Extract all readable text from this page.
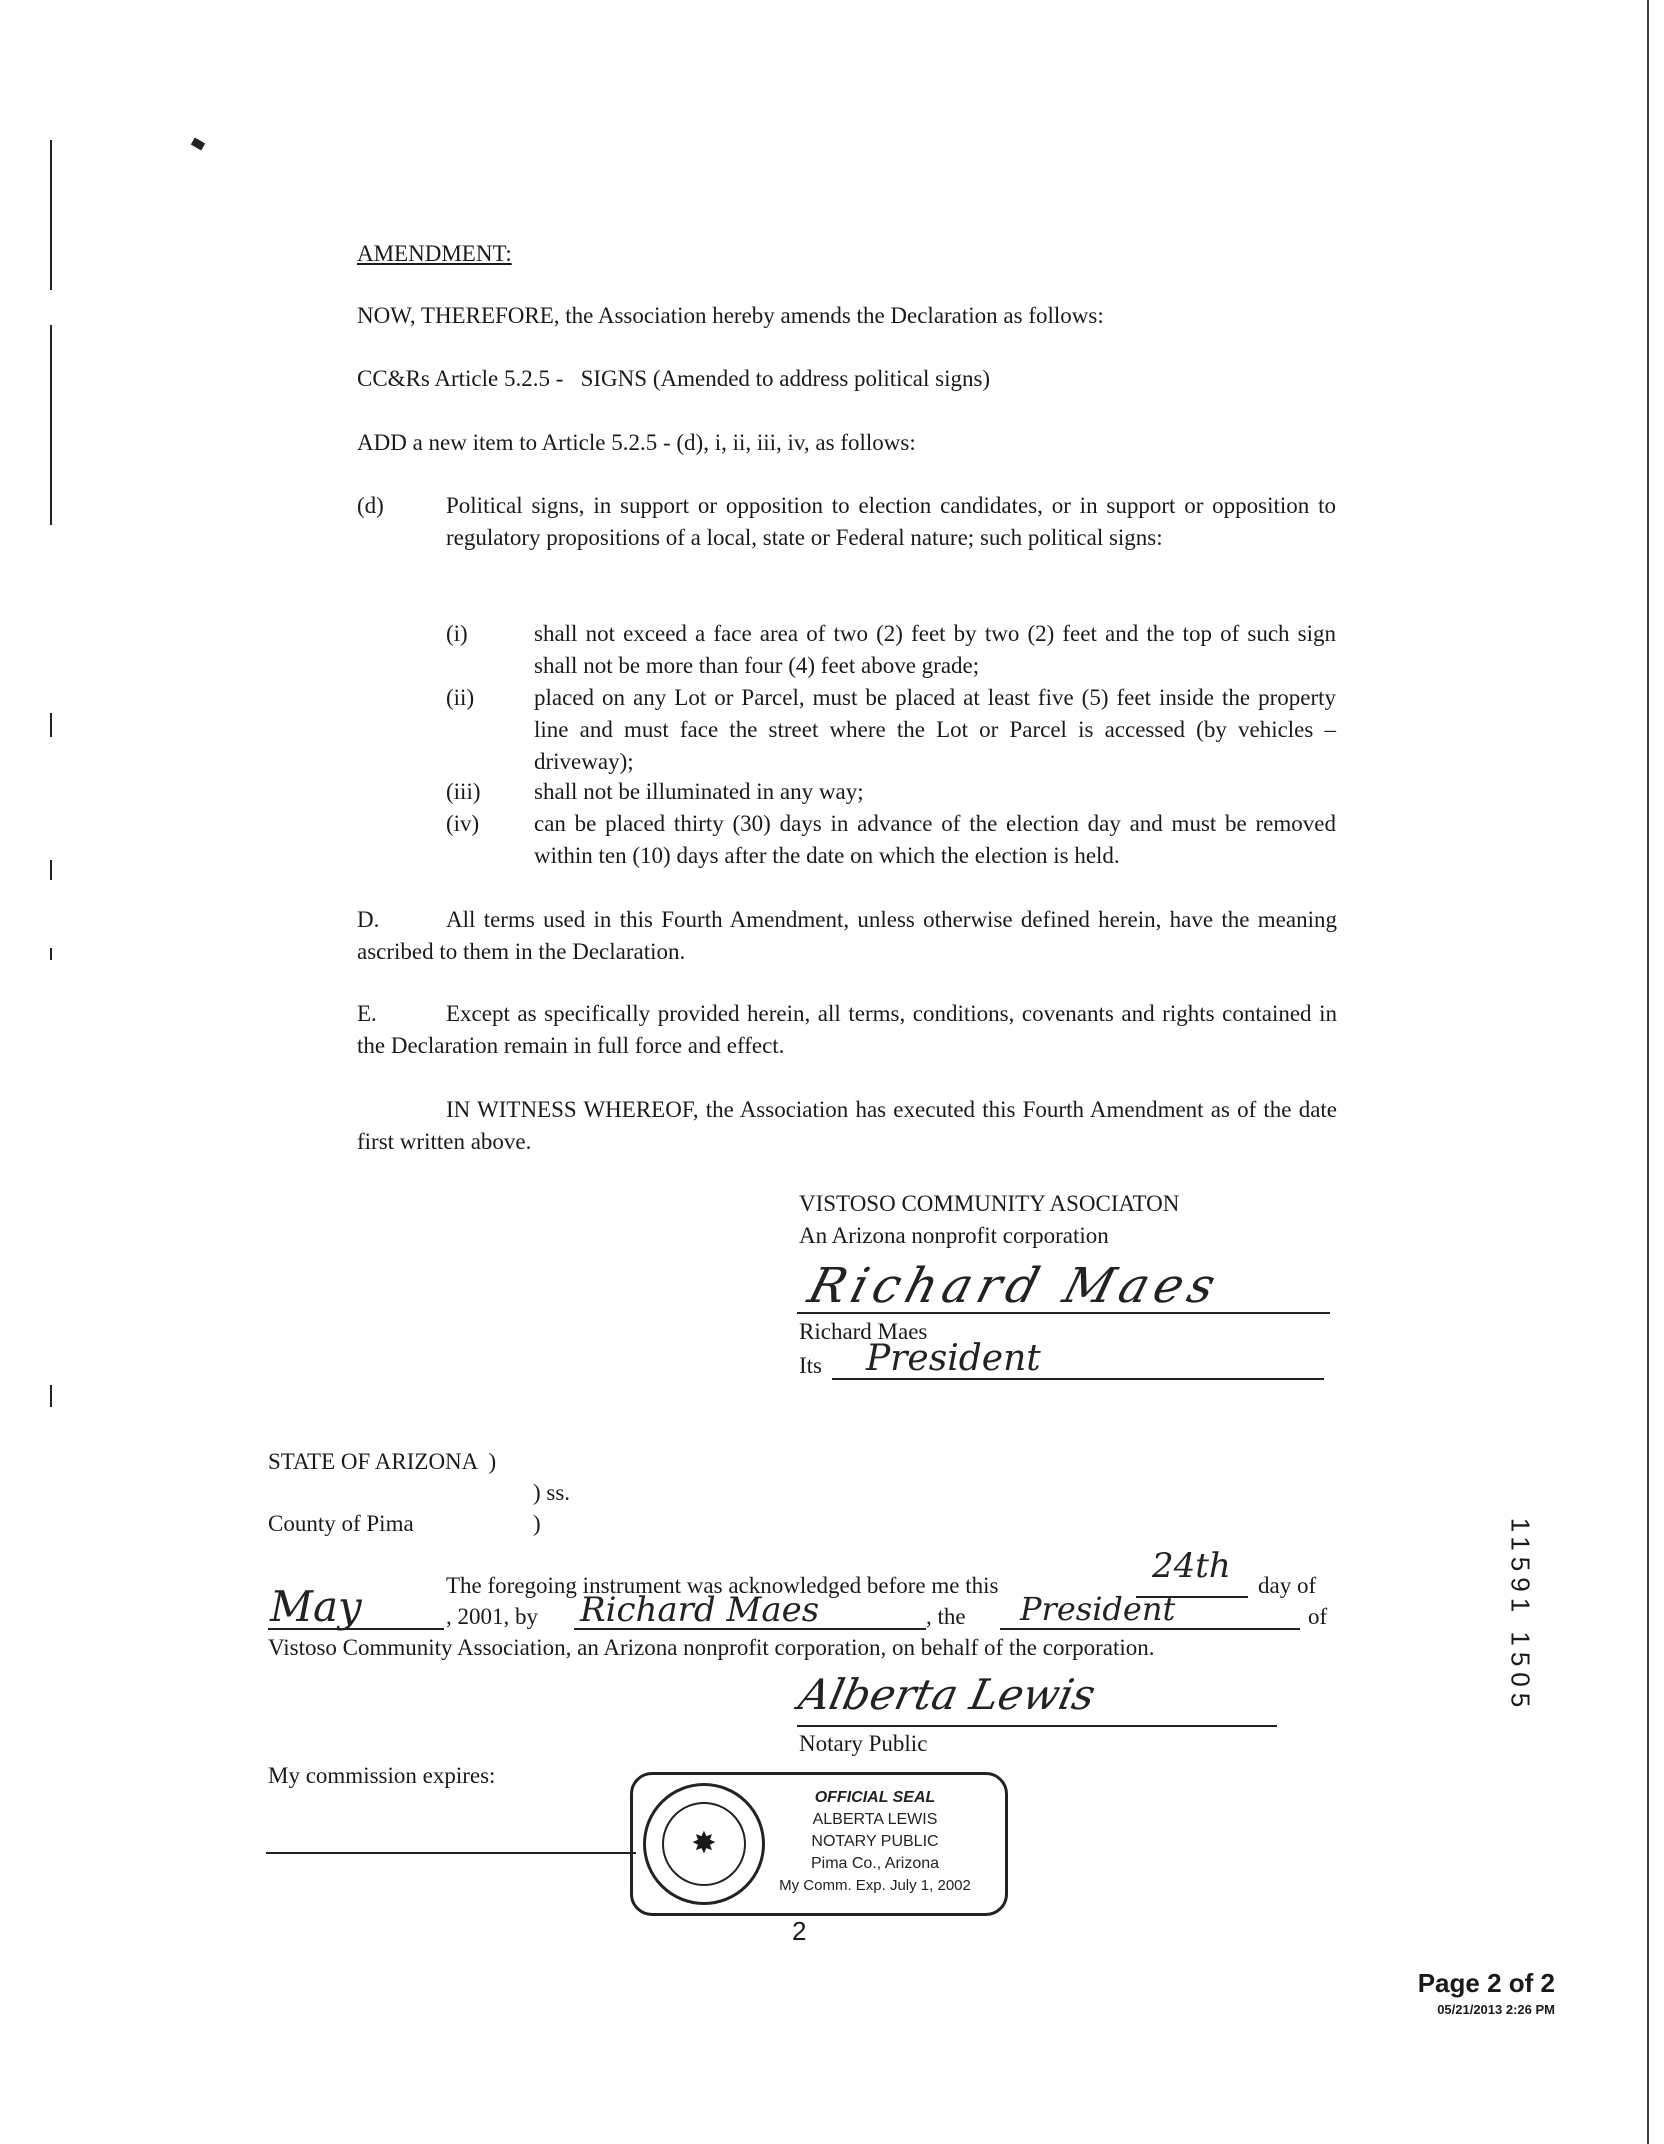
AMENDMENT:
NOW, THEREFORE, the Association hereby amends the Declaration as follows:
CC&Rs Article 5.2.5 -   SIGNS (Amended to address political signs)
ADD a new item to Article 5.2.5 - (d), i, ii, iii, iv, as follows:
(d)	Political signs, in support or opposition to election candidates, or in support or opposition to regulatory propositions of a local, state or Federal nature; such political signs:
(i)	shall not exceed a face area of two (2) feet by two (2) feet and the top of such sign shall not be more than four (4) feet above grade;
(ii)	placed on any Lot or Parcel, must be placed at least five (5) feet inside the property line and must face the street where the Lot or Parcel is accessed (by vehicles – driveway);
(iii) shall not be illuminated in any way;
(iv) can be placed thirty (30) days in advance of the election day and must be removed within ten (10) days after the date on which the election is held.
D.	All terms used in this Fourth Amendment, unless otherwise defined herein, have the meaning ascribed to them in the Declaration.
E.	Except as specifically provided herein, all terms, conditions, covenants and rights contained in the Declaration remain in full force and effect.
IN WITNESS WHEREOF, the Association has executed this Fourth Amendment as of the date first written above.
VISTOSO COMMUNITY ASOCIATON
An Arizona nonprofit corporation
Richard Maes
Richard Maes
Its President
STATE OF ARIZONA  )
) ss.
County of Pima	)
The foregoing instrument was acknowledged before me this	24th day of
May	, 2001, by Richard Maes	, the President	of
Vistoso Community Association, an Arizona nonprofit corporation, on behalf of the corporation.
Alberta Lewis
Notary Public
My commission expires:
✸
OFFICIAL SEAL
ALBERTA LEWIS
NOTARY PUBLIC
Pima Co., Arizona
My Comm. Exp. July 1, 2002
2
11591 1505
Page 2 of 2
05/21/2013 2:26 PM
